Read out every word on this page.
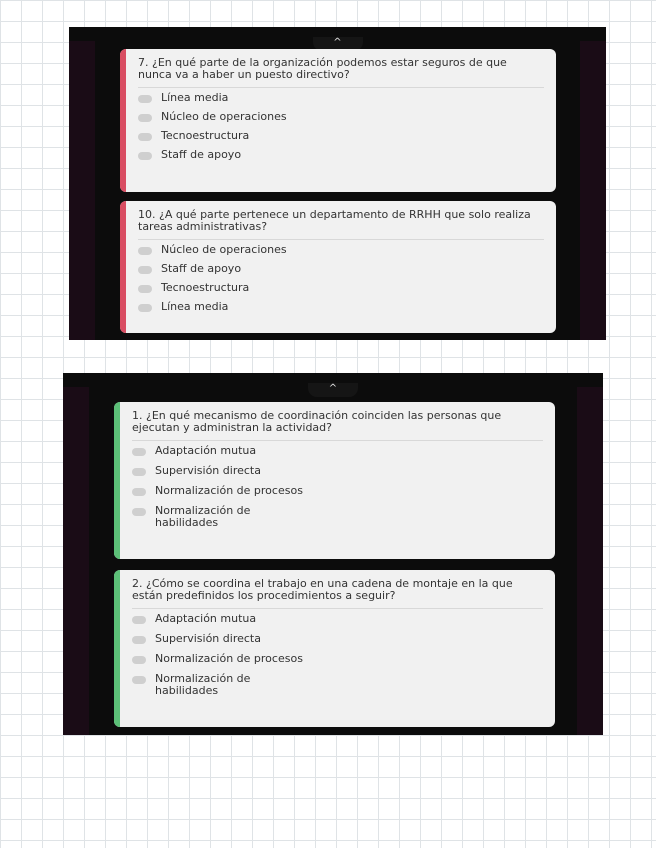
^

7. ¿En qué parte de la organización podemos estar seguros de que nunca va a haber un puesto directivo?

Línea media
Núcleo de operaciones
Tecnoestructura
Staff de apoyo

10. ¿A qué parte pertenece un departamento de RRHH que solo realiza tareas administrativas?

Núcleo de operaciones
Staff de apoyo
Tecnoestructura
Línea media
^

1. ¿En qué mecanismo de coordinación coinciden las personas que ejecutan y administran la actividad?

Adaptación mutua
Supervisión directa
Normalización de procesos
Normalización de habilidades

2. ¿Cómo se coordina el trabajo en una cadena de montaje en la que están predefinidos los procedimientos a seguir?

Adaptación mutua
Supervisión directa
Normalización de procesos
Normalización de habilidades
